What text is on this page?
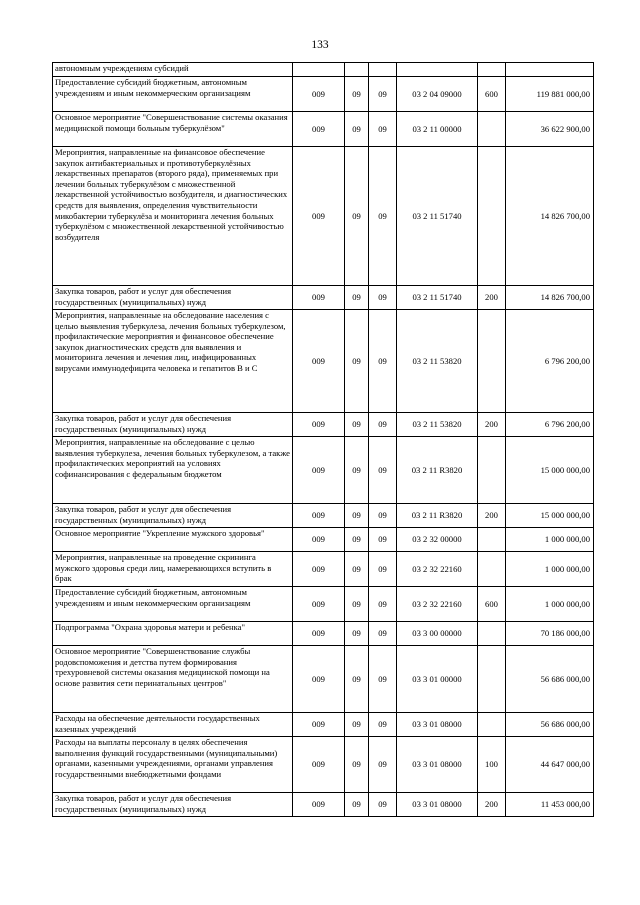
133
автономным учреждениям субсидий						
Предоставление субсидий бюджетным, автономным учреждениям и иным некоммерческим организациям	009	09	09	03 2 04 09000	600	119 881 000,00
Основное мероприятие "Совершенствование системы оказания медицинской помощи больным туберкулёзом"	009	09	09	03 2 11 00000		36 622 900,00
Мероприятия, направленные на финансовое обеспечение закупок антибактериальных и противотуберкулёзных лекарственных препаратов (второго ряда), применяемых при лечении больных туберкулёзом с множественной лекарственной устойчивостью возбудителя, и диагностических средств для выявления, определения чувствительности микобактерии туберкулёза и мониторинга лечения больных туберкулёзом с множественной лекарственной устойчивостью возбудителя	009	09	09	03 2 11 51740		14 826 700,00
Закупка товаров, работ и услуг для обеспечения государственных (муниципальных) нужд	009	09	09	03 2 11 51740	200	14 826 700,00
Мероприятия, направленные на обследование населения с целью выявления туберкулеза, лечения больных туберкулезом, профилактические мероприятия и финансовое обеспечение закупок диагностических средств для выявления и мониторинга лечения и лечения лиц, инфицированных вирусами иммунодефицита человека и гепатитов В и С	009	09	09	03 2 11 53820		6 796 200,00
Закупка товаров, работ и услуг для обеспечения государственных (муниципальных) нужд	009	09	09	03 2 11 53820	200	6 796 200,00
Мероприятия, направленные на обследование с целью выявления туберкулеза, лечения больных туберкулезом, а также профилактических мероприятий на условиях софинансирования с федеральным бюджетом	009	09	09	03 2 11 R3820		15 000 000,00
Закупка товаров, работ и услуг для обеспечения государственных (муниципальных) нужд	009	09	09	03 2 11 R3820	200	15 000 000,00
Основное мероприятие "Укрепление мужского здоровья"	009	09	09	03 2 32 00000		1 000 000,00
Мероприятия, направленные на проведение скрининга мужского здоровья среди лиц, намеревающихся вступить в брак	009	09	09	03 2 32 22160		1 000 000,00
Предоставление субсидий бюджетным, автономным учреждениям и иным некоммерческим организациям	009	09	09	03 2 32 22160	600	1 000 000,00
Подпрограмма "Охрана здоровья матери и ребенка"	009	09	09	03 3 00 00000		70 186 000,00
Основное мероприятие "Совершенствование службы родовспоможения и детства путем формирования трехуровневой системы оказания медицинской помощи на основе развития сети перинатальных центров"	009	09	09	03 3 01 00000		56 686 000,00
Расходы на обеспечение деятельности государственных казенных учреждений	009	09	09	03 3 01 08000		56 686 000,00
Расходы на выплаты персоналу в целях обеспечения выполнения функций государственными (муниципальными) органами, казенными учреждениями, органами управления государственными внебюджетными фондами	009	09	09	03 3 01 08000	100	44 647 000,00
Закупка товаров, работ и услуг для обеспечения государственных (муниципальных) нужд	009	09	09	03 3 01 08000	200	11 453 000,00
